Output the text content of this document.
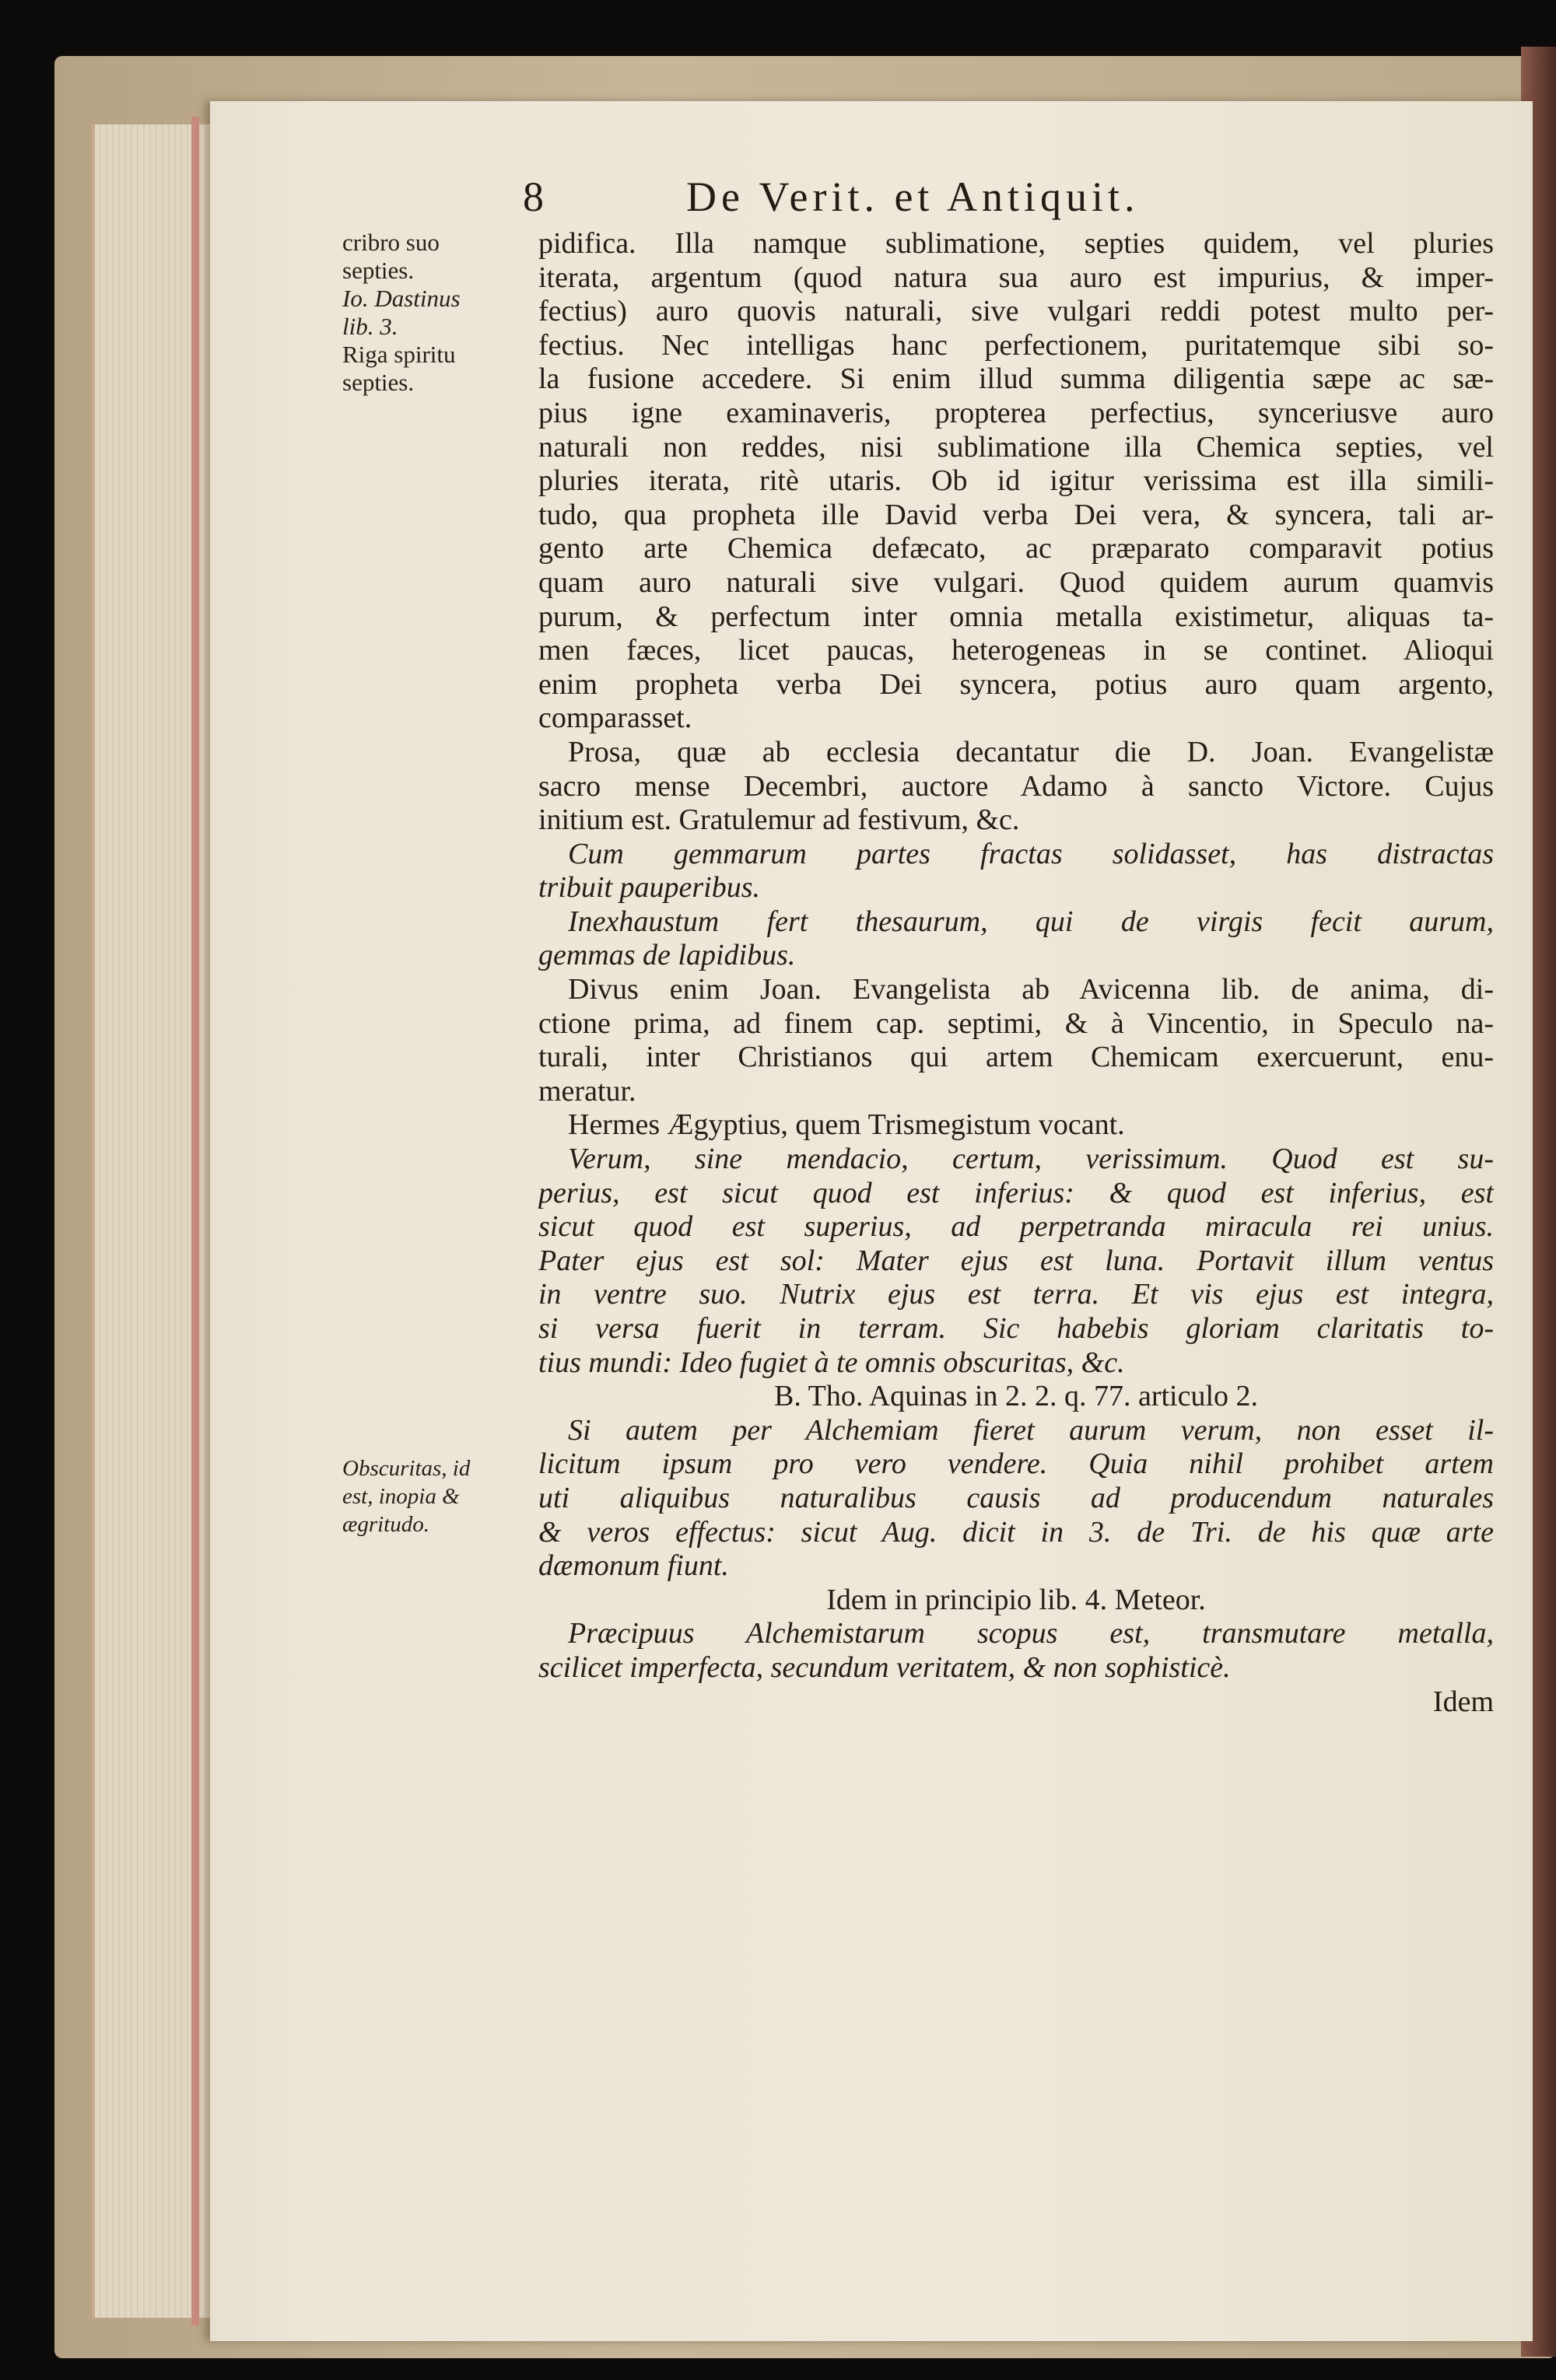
8	De Verit. et Antiquit.
cribro suo
septies.
Io. Dastinus
lib. 3.
Riga spiritu
septies.
Obscuritas, id
est, inopia &
ægritudo.
pidifica. Illa namque sublimatione, septies quidem, vel pluries
iterata, argentum (quod natura sua auro est impurius, & imper-
fectius) auro quovis naturali, sive vulgari reddi potest multo per-
fectius. Nec intelligas hanc perfectionem, puritatemque sibi so-
la fusione accedere. Si enim illud summa diligentia sæpe ac sæ-
pius igne examinaveris, propterea perfectius, synceriusve auro
naturali non reddes, nisi sublimatione illa Chemica septies, vel
pluries iterata, ritè utaris. Ob id igitur verissima est illa simili-
tudo, qua propheta ille David verba Dei vera, & syncera, tali ar-
gento arte Chemica defæcato, ac præparato comparavit potius
quam auro naturali sive vulgari. Quod quidem aurum quamvis
purum, & perfectum inter omnia metalla existimetur, aliquas ta-
men fæces, licet paucas, heterogeneas in se continet. Alioqui
enim propheta verba Dei syncera, potius auro quam argento,
comparasset.
Prosa, quæ ab ecclesia decantatur die D. Joan. Evangelistæ
sacro mense Decembri, auctore Adamo à sancto Victore. Cujus
initium est. Gratulemur ad festivum, &c.
Cum gemmarum partes fractas solidasset, has distractas
tribuit pauperibus.
Inexhaustum fert thesaurum, qui de virgis fecit aurum,
gemmas de lapidibus.
Divus enim Joan. Evangelista ab Avicenna lib. de anima, di-
ctione prima, ad finem cap. septimi, & à Vincentio, in Speculo na-
turali, inter Christianos qui artem Chemicam exercuerunt, enu-
meratur.
Hermes Ægyptius, quem Trismegistum vocant.
Verum, sine mendacio, certum, verissimum. Quod est su-
perius, est sicut quod est inferius: & quod est inferius, est
sicut quod est superius, ad perpetranda miracula rei unius.
Pater ejus est sol: Mater ejus est luna. Portavit illum ventus
in ventre suo. Nutrix ejus est terra. Et vis ejus est integra,
si versa fuerit in terram. Sic habebis gloriam claritatis to-
tius mundi: Ideo fugiet à te omnis obscuritas, &c.
B. Tho. Aquinas in 2. 2. q. 77. articulo 2.
Si autem per Alchemiam fieret aurum verum, non esset il-
licitum ipsum pro vero vendere. Quia nihil prohibet artem
uti aliquibus naturalibus causis ad producendum naturales
& veros effectus: sicut Aug. dicit in 3. de Tri. de his quæ arte
dæmonum fiunt.
Idem in principio lib. 4. Meteor.
Præcipuus Alchemistarum scopus est, transmutare metalla,
scilicet imperfecta, secundum veritatem, & non sophisticè.
Idem
